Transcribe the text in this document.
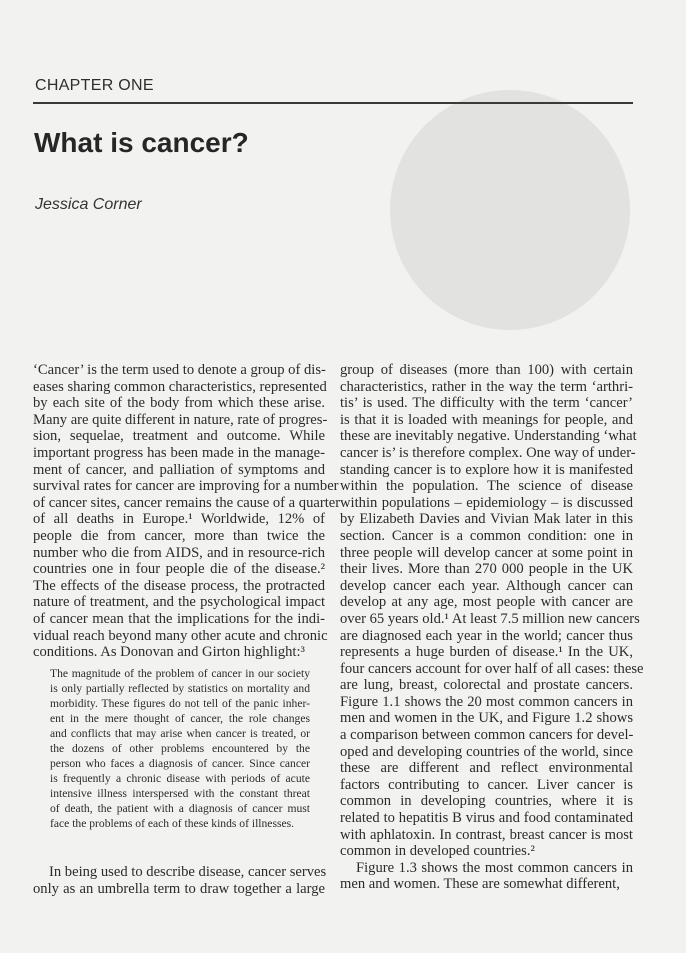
CHAPTER ONE
What is cancer?
Jessica Corner
‘Cancer’ is the term used to denote a group of dis-
eases sharing common characteristics, represented
by each site of the body from which these arise.
Many are quite different in nature, rate of progres-
sion, sequelae, treatment and outcome. While
important progress has been made in the manage-
ment of cancer, and palliation of symptoms and
survival rates for cancer are improving for a number
of cancer sites, cancer remains the cause of a quarter
of all deaths in Europe.¹ Worldwide, 12% of
people die from cancer, more than twice the
number who die from AIDS, and in resource-rich
countries one in four people die of the disease.²
The effects of the disease process, the protracted
nature of treatment, and the psychological impact
of cancer mean that the implications for the indi-
vidual reach beyond many other acute and chronic
conditions. As Donovan and Girton highlight:³
The magnitude of the problem of cancer in our society
is only partially reflected by statistics on mortality and
morbidity. These figures do not tell of the panic inher-
ent in the mere thought of cancer, the role changes
and conflicts that may arise when cancer is treated, or
the dozens of other problems encountered by the
person who faces a diagnosis of cancer. Since cancer
is frequently a chronic disease with periods of acute
intensive illness interspersed with the constant threat
of death, the patient with a diagnosis of cancer must
face the problems of each of these kinds of illnesses.
In being used to describe disease, cancer serves
only as an umbrella term to draw together a large
group of diseases (more than 100) with certain
characteristics, rather in the way the term ‘arthri-
tis’ is used. The difficulty with the term ‘cancer’
is that it is loaded with meanings for people, and
these are inevitably negative. Understanding ‘what
cancer is’ is therefore complex. One way of under-
standing cancer is to explore how it is manifested
within the population. The science of disease
within populations – epidemiology – is discussed
by Elizabeth Davies and Vivian Mak later in this
section. Cancer is a common condition: one in
three people will develop cancer at some point in
their lives. More than 270 000 people in the UK
develop cancer each year. Although cancer can
develop at any age, most people with cancer are
over 65 years old.¹ At least 7.5 million new cancers
are diagnosed each year in the world; cancer thus
represents a huge burden of disease.¹ In the UK,
four cancers account for over half of all cases: these
are lung, breast, colorectal and prostate cancers.
Figure 1.1 shows the 20 most common cancers in
men and women in the UK, and Figure 1.2 shows
a comparison between common cancers for devel-
oped and developing countries of the world, since
these are different and reflect environmental
factors contributing to cancer. Liver cancer is
common in developing countries, where it is
related to hepatitis B virus and food contaminated
with aphlatoxin. In contrast, breast cancer is most
common in developed countries.²
Figure 1.3 shows the most common cancers in
men and women. These are somewhat different,
